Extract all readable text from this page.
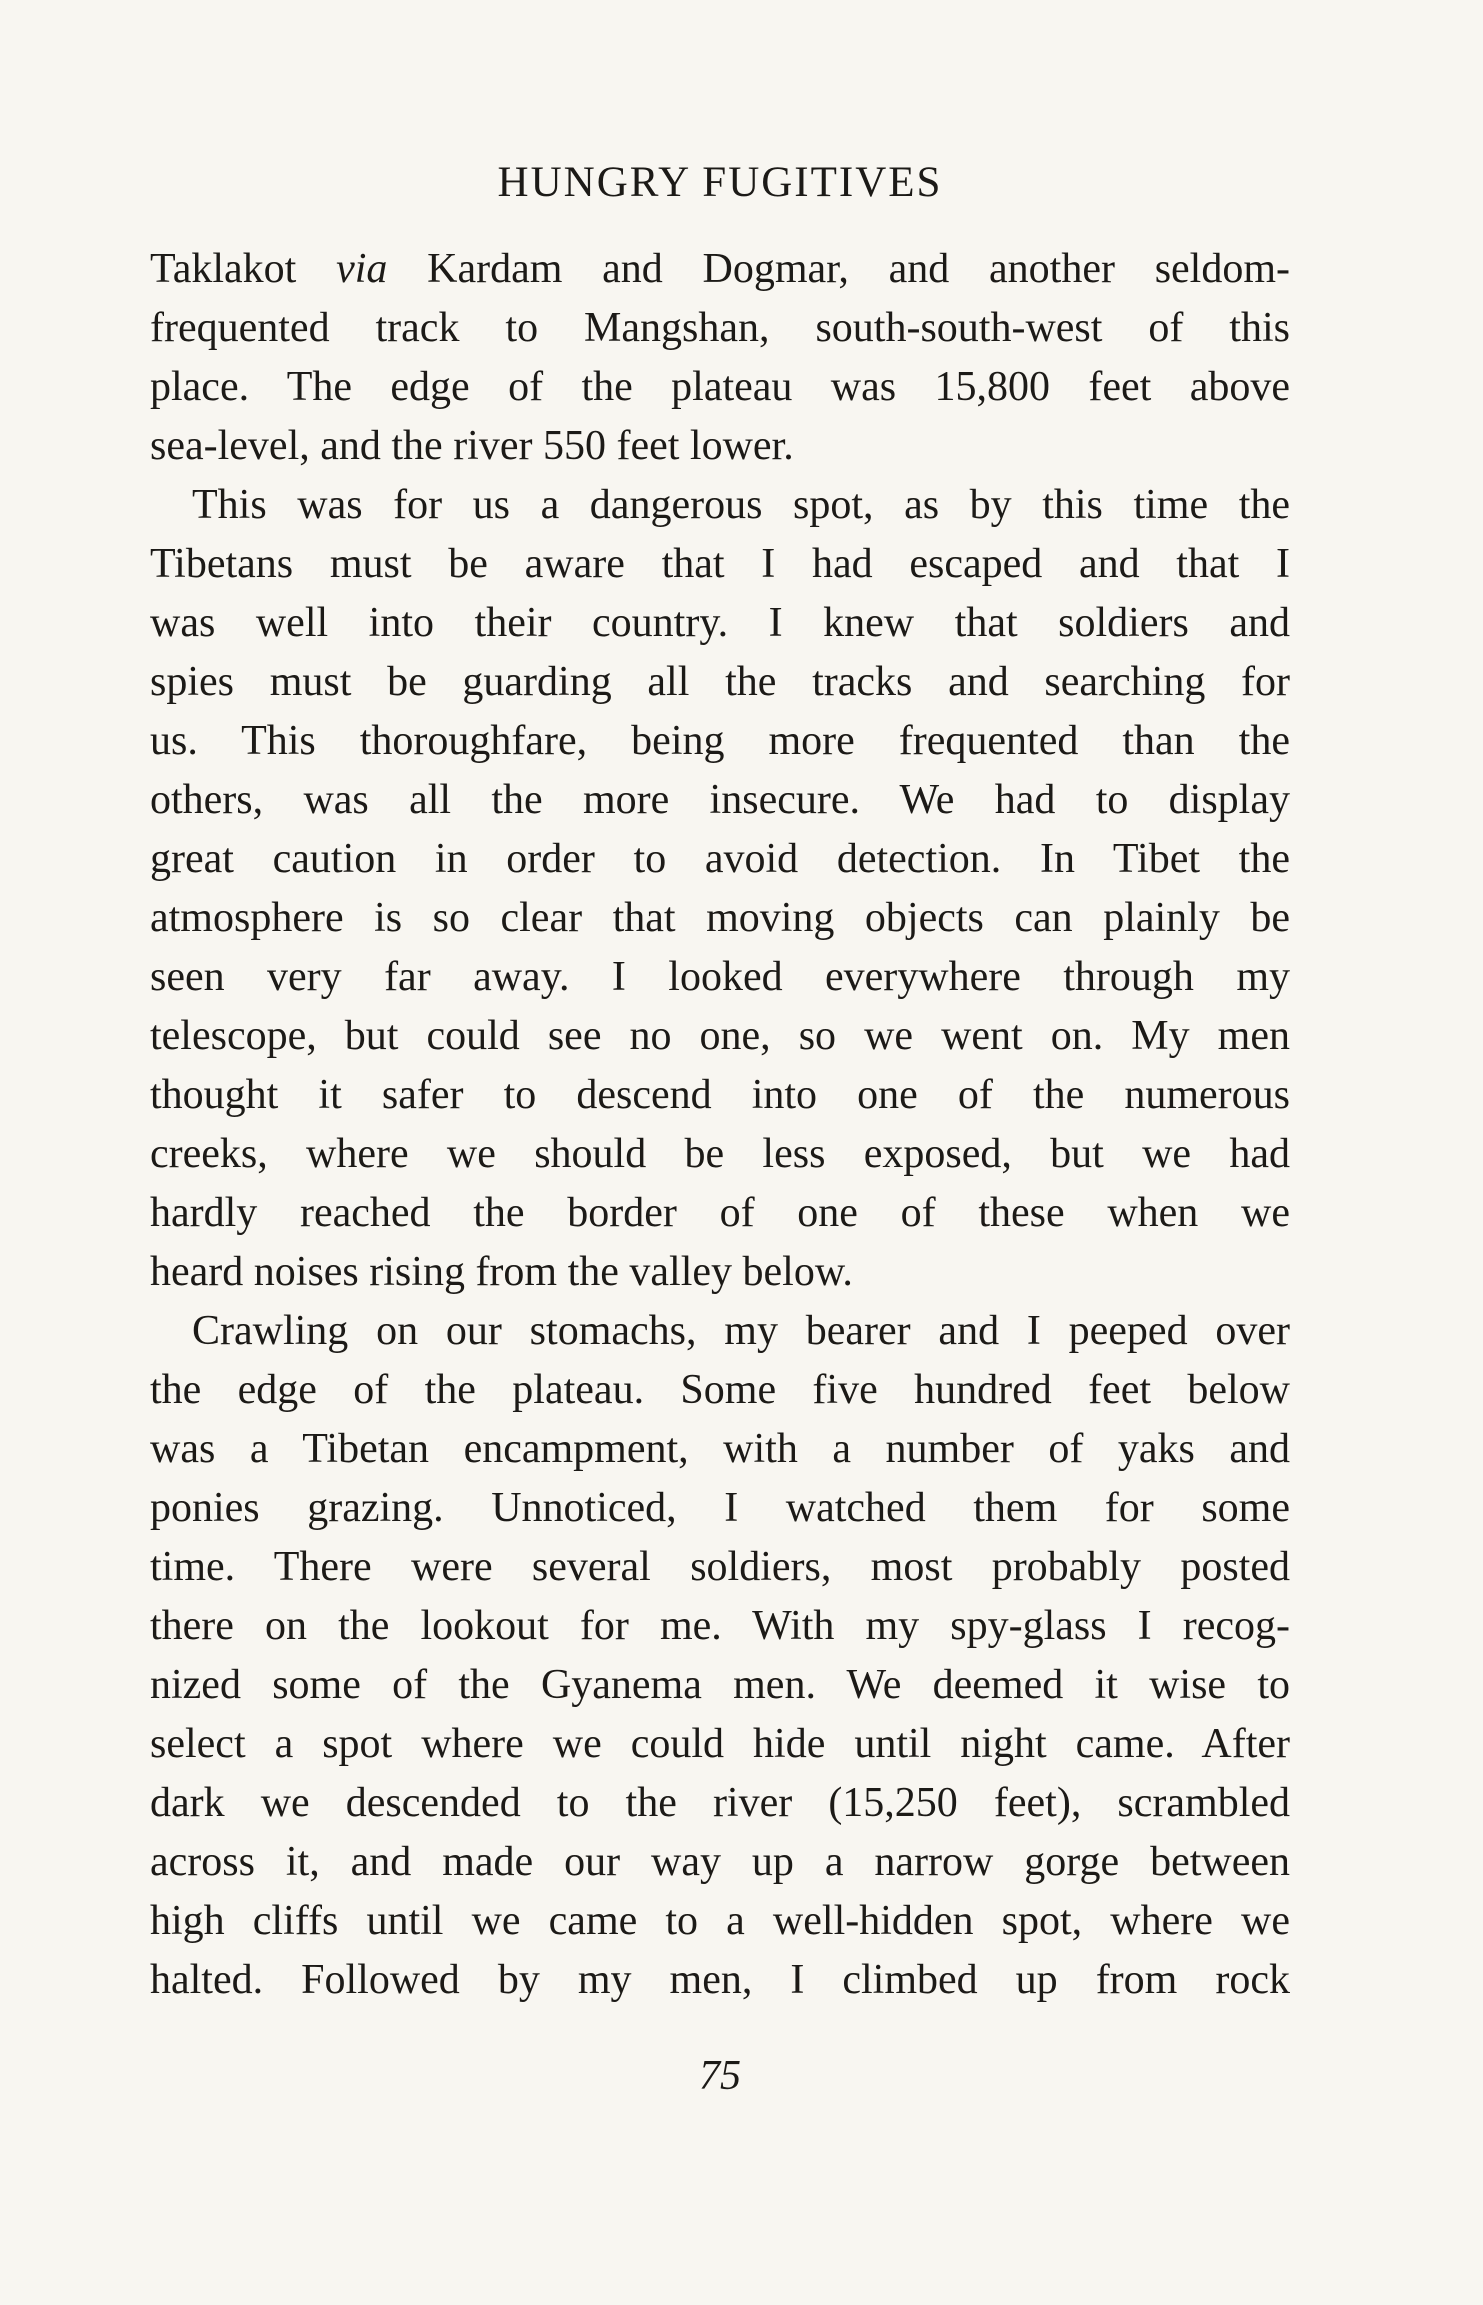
HUNGRY FUGITIVES
Taklakot via Kardam and Dogmar, and another seldom-
frequented track to Mangshan, south-south-west of this
place. The edge of the plateau was 15,800 feet above
sea-level, and the river 550 feet lower.
This was for us a dangerous spot, as by this time the
Tibetans must be aware that I had escaped and that I
was well into their country. I knew that soldiers and
spies must be guarding all the tracks and searching for
us. This thoroughfare, being more frequented than the
others, was all the more insecure. We had to display
great caution in order to avoid detection. In Tibet the
atmosphere is so clear that moving objects can plainly be
seen very far away. I looked everywhere through my
telescope, but could see no one, so we went on. My men
thought it safer to descend into one of the numerous
creeks, where we should be less exposed, but we had
hardly reached the border of one of these when we
heard noises rising from the valley below.
Crawling on our stomachs, my bearer and I peeped over
the edge of the plateau. Some five hundred feet below
was a Tibetan encampment, with a number of yaks and
ponies grazing. Unnoticed, I watched them for some
time. There were several soldiers, most probably posted
there on the lookout for me. With my spy-glass I recog-
nized some of the Gyanema men. We deemed it wise to
select a spot where we could hide until night came. After
dark we descended to the river (15,250 feet), scrambled
across it, and made our way up a narrow gorge between
high cliffs until we came to a well-hidden spot, where we
halted. Followed by my men, I climbed up from rock
75
